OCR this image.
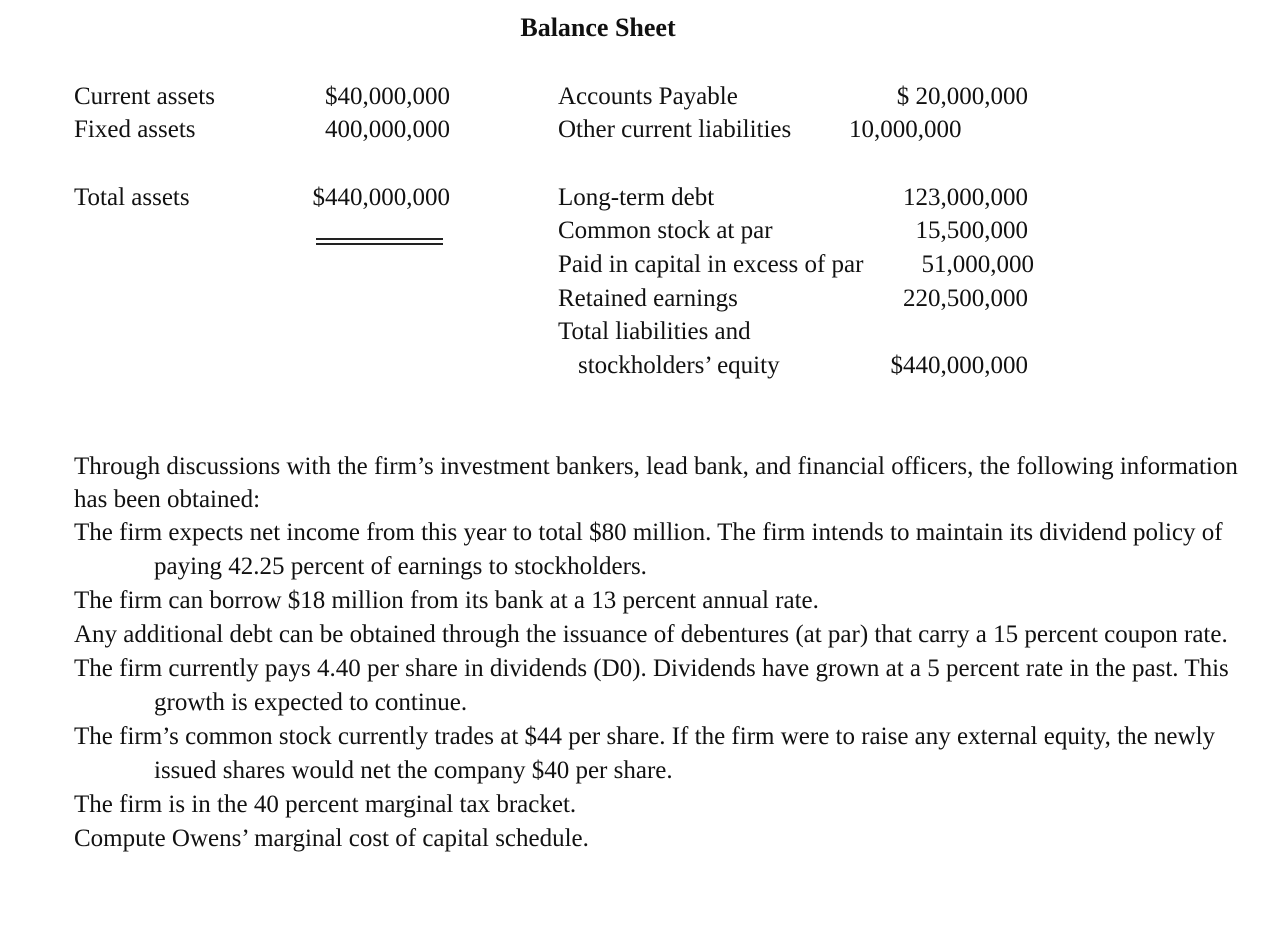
Balance Sheet
Current assets	$40,000,000
Fixed assets	400,000,000
Total assets	$440,000,000
Accounts Payable	$ 20,000,000
Other current liabilities 10,000,000
Long-term debt	123,000,000
Common stock at par	15,500,000
Paid in capital in excess of par	51,000,000
Retained earnings	220,500,000
Total liabilities and
stockholders’ equity	$440,000,000

Through discussions with the firm’s investment bankers, lead bank, and financial officers, the following information has been obtained:

The firm expects net income from this year to total $80 million. The firm intends to maintain its dividend policy of paying 42.25 percent of earnings to stockholders.

The firm can borrow $18 million from its bank at a 13 percent annual rate.

Any additional debt can be obtained through the issuance of debentures (at par) that carry a 15 percent coupon rate.

The firm currently pays 4.40 per share in dividends (D0). Dividends have grown at a 5 percent rate in the past. This growth is expected to continue.

The firm’s common stock currently trades at $44 per share. If the firm were to raise any external equity, the newly issued shares would net the company $40 per share.

The firm is in the 40 percent marginal tax bracket.

Compute Owens’ marginal cost of capital schedule.
